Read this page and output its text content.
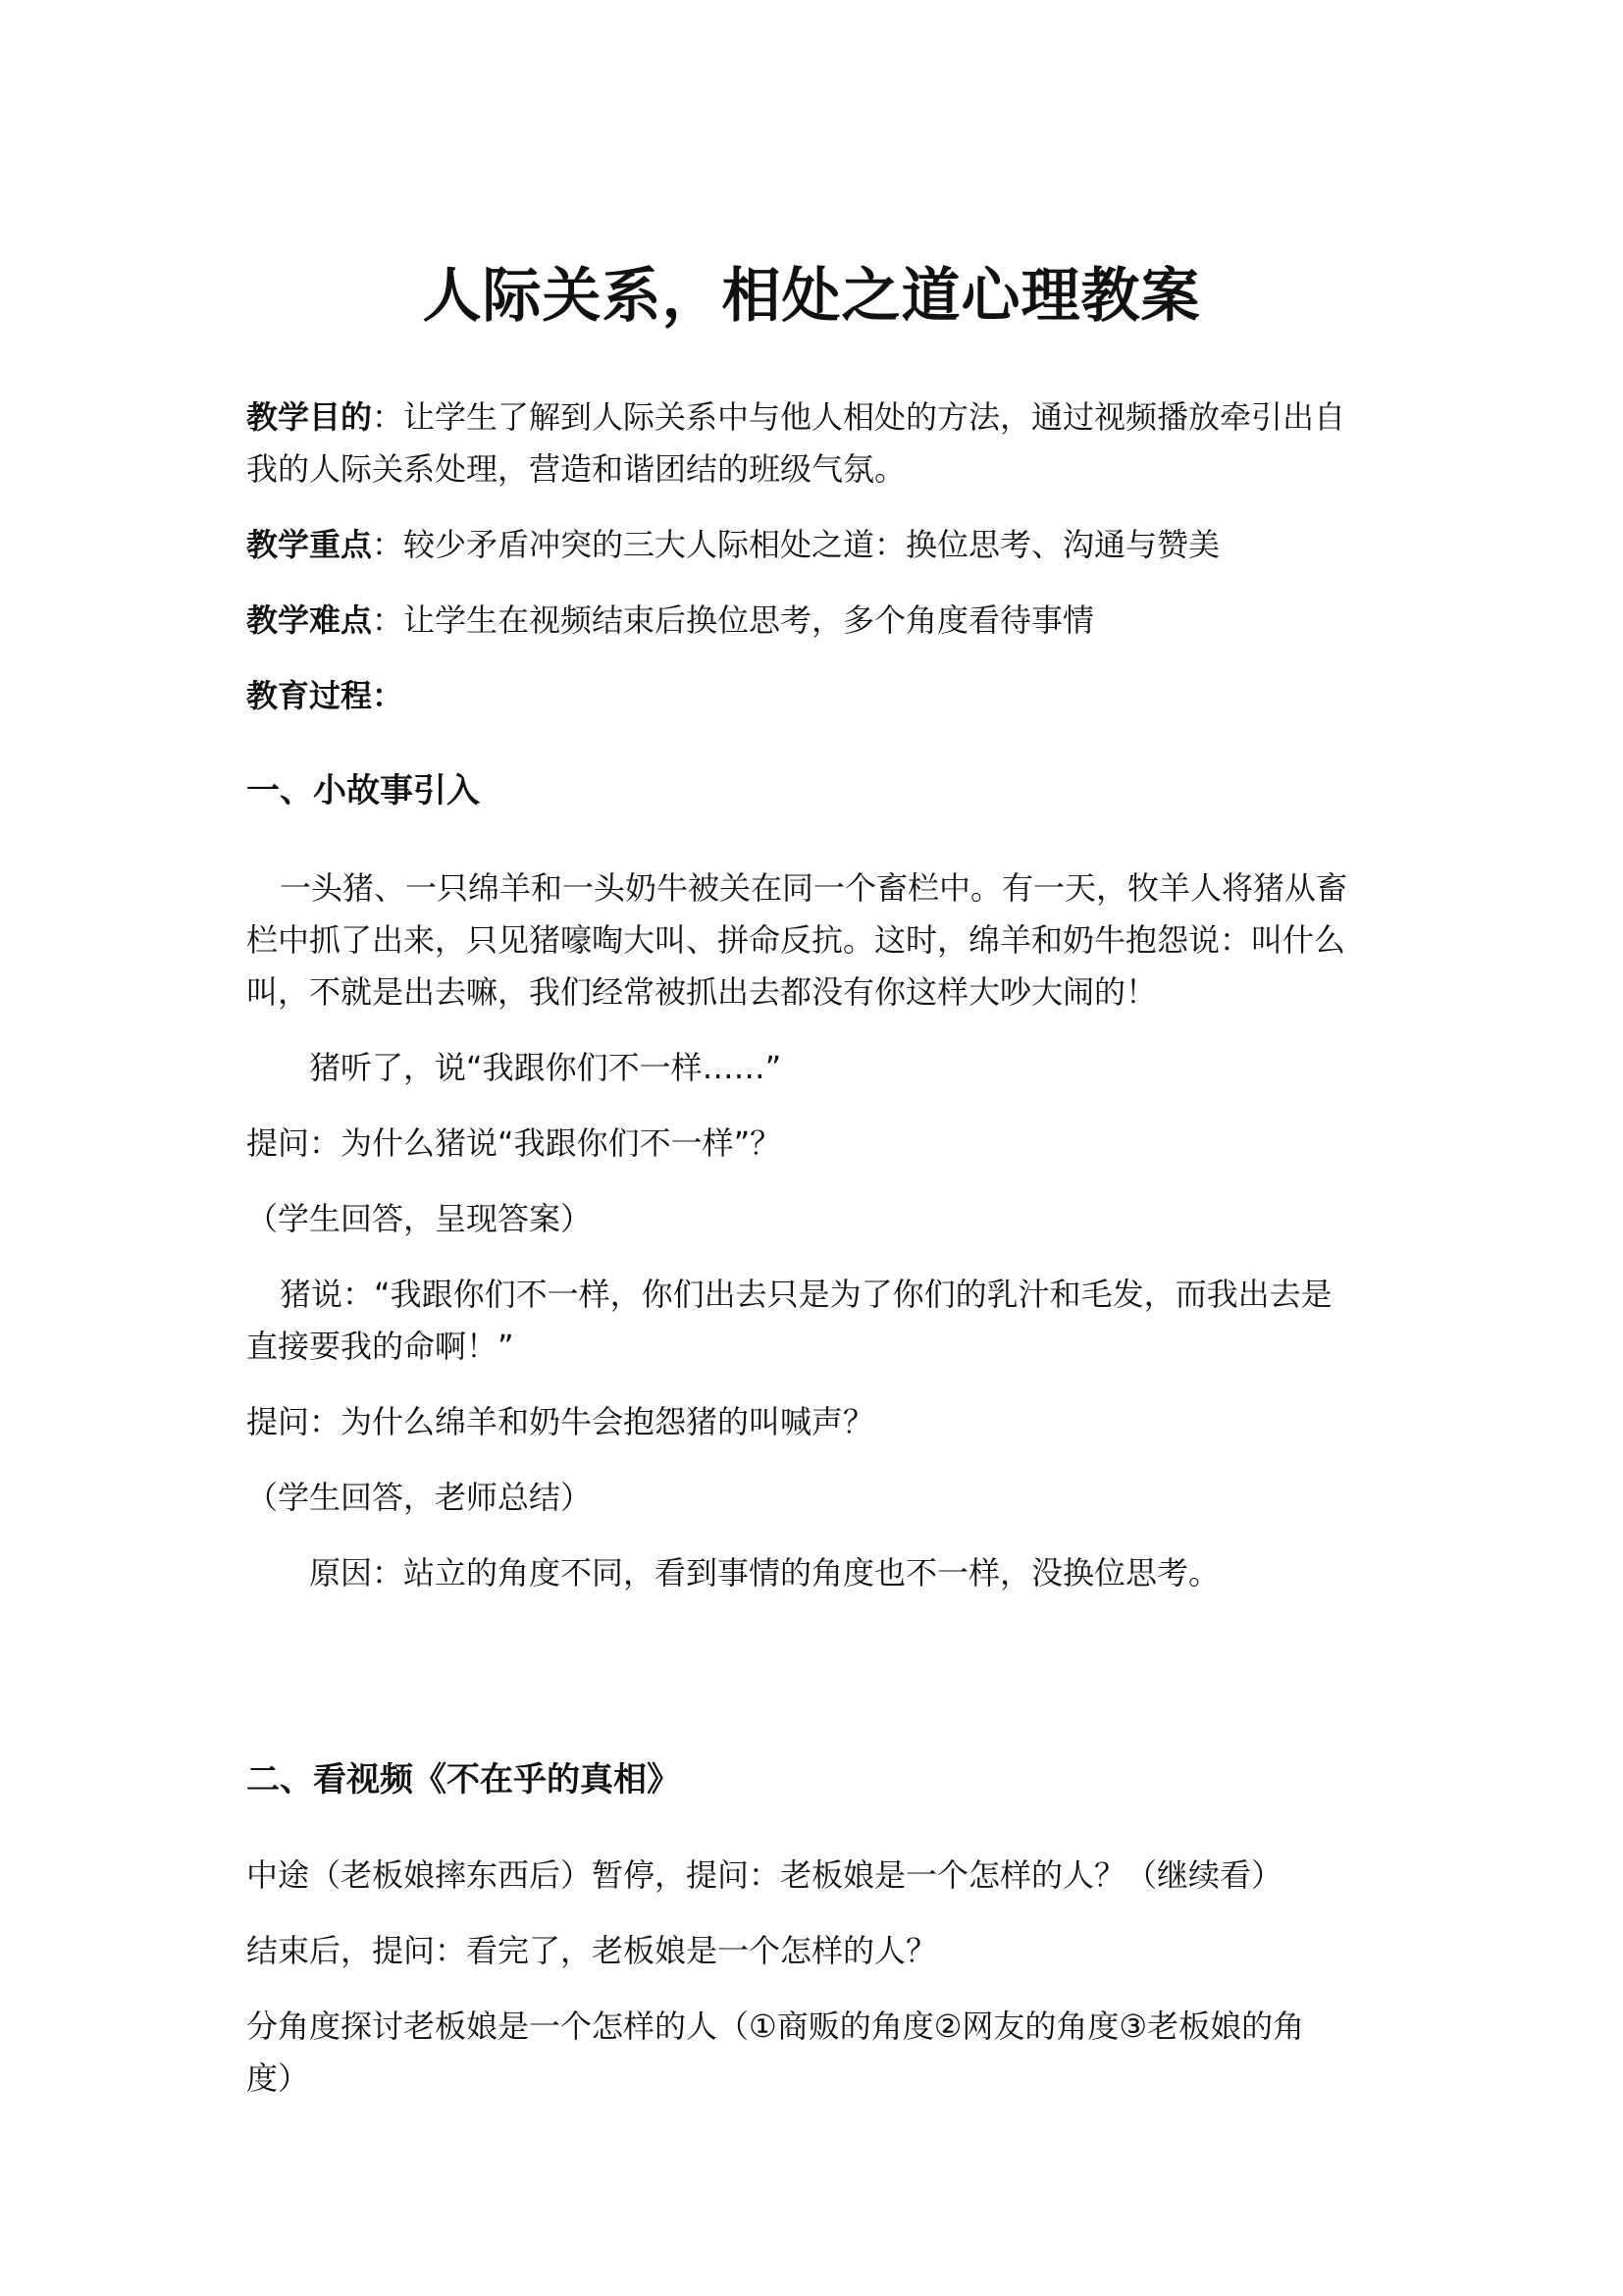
人际关系，相处之道心理教案
教学目的：让学生了解到人际关系中与他人相处的方法，通过视频播放牵引出自
我的人际关系处理，营造和谐团结的班级气氛。
教学重点：较少矛盾冲突的三大人际相处之道：换位思考、沟通与赞美
教学难点：让学生在视频结束后换位思考，多个角度看待事情
教育过程：
一、小故事引入
一头猪、一只绵羊和一头奶牛被关在同一个畜栏中。有一天，牧羊人将猪从畜
栏中抓了出来，只见猪嚎啕大叫、拼命反抗。这时，绵羊和奶牛抱怨说：叫什么
叫，不就是出去嘛，我们经常被抓出去都没有你这样大吵大闹的！
猪听了，说“我跟你们不一样……”
提问：为什么猪说“我跟你们不一样”？
（学生回答，呈现答案）
猪说：“我跟你们不一样，你们出去只是为了你们的乳汁和毛发，而我出去是
直接要我的命啊！”
提问：为什么绵羊和奶牛会抱怨猪的叫喊声？
（学生回答，老师总结）
原因：站立的角度不同，看到事情的角度也不一样，没换位思考。
二、看视频《不在乎的真相》
中途（老板娘摔东西后）暂停，提问：老板娘是一个怎样的人？（继续看）
结束后，提问：看完了，老板娘是一个怎样的人？
分角度探讨老板娘是一个怎样的人（①商贩的角度②网友的角度③老板娘的角
度）
